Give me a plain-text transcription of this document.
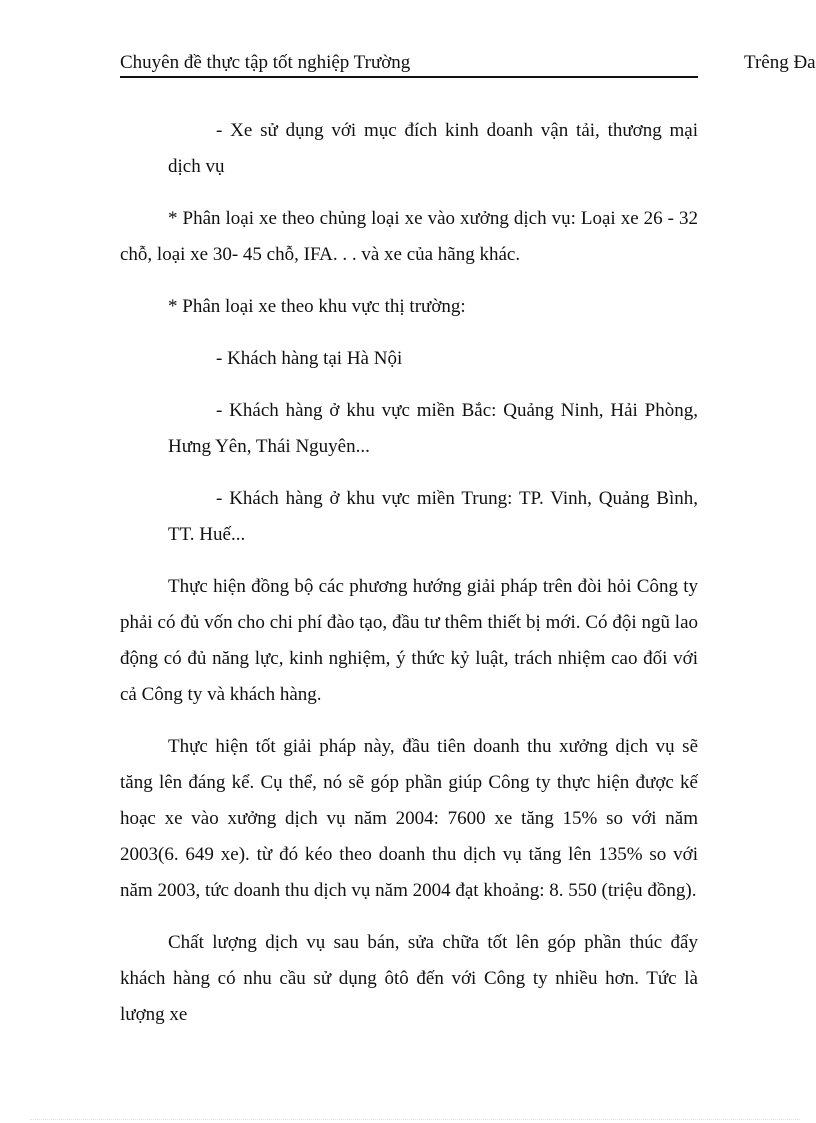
Chuyên đề thực tập tốt nghiệp Trường	Trêng Đa

- Xe sử dụng với mục đích kinh doanh vận tải, thương mại dịch vụ

* Phân loại xe theo chủng loại xe vào xưởng dịch vụ: Loại xe 26 - 32 chỗ, loại xe 30- 45 chỗ, IFA. . . và xe của hãng khác.

* Phân loại xe theo khu vực thị trường:

- Khách hàng tại Hà Nội

- Khách hàng ở khu vực miền Bắc: Quảng Ninh, Hải Phòng, Hưng Yên, Thái Nguyên...

- Khách hàng ở khu vực miền Trung: TP. Vinh, Quảng Bình, TT. Huế...

Thực hiện đồng bộ các phương hướng giải pháp trên đòi hỏi Công ty phải có đủ vốn cho chi phí đào tạo, đầu tư thêm thiết bị mới. Có đội ngũ lao động có đủ năng lực, kinh nghiệm, ý thức kỷ luật, trách nhiệm cao đối với cả Công ty và khách hàng.

Thực hiện tốt giải pháp này, đầu tiên doanh thu xưởng dịch vụ sẽ tăng lên đáng kể. Cụ thể, nó sẽ góp phần giúp Công ty thực hiện được kế hoạc xe vào xưởng dịch vụ năm 2004: 7600 xe tăng 15% so với năm 2003(6. 649 xe). từ đó kéo theo doanh thu dịch vụ tăng lên 135% so với năm 2003, tức doanh thu dịch vụ năm 2004 đạt khoảng: 8. 550 (triệu đồng).

Chất lượng dịch vụ sau bán, sửa chữa tốt lên góp phần thúc đẩy khách hàng có nhu cầu sử dụng ôtô đến với Công ty nhiều hơn. Tức là lượng xe
